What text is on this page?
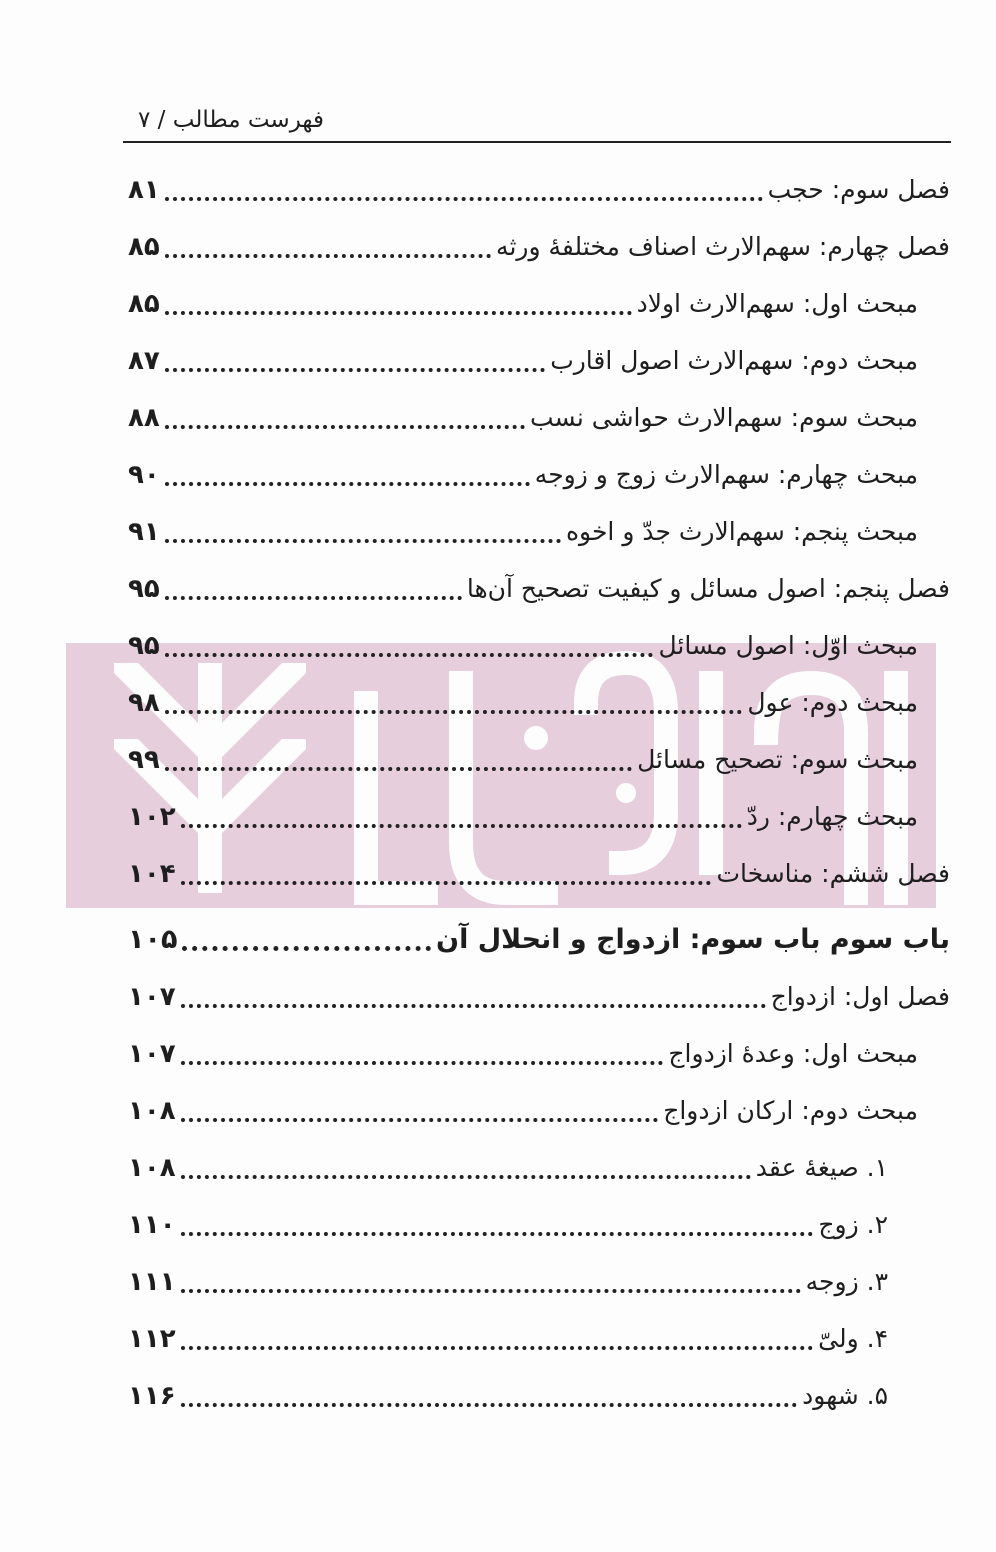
فهرست مطالب / ۷
فصل سوم: حجب
۸۱
فصل چهارم: سهم‌الارث اصناف مختلفهٔ ورثه
۸۵
مبحث اول: سهم‌الارث اولاد
۸۵
مبحث دوم: سهم‌الارث اصول اقارب
۸۷
مبحث سوم: سهم‌الارث حواشی نسب
۸۸
مبحث چهارم: سهم‌الارث زوج و زوجه
۹۰
مبحث پنجم: سهم‌الارث جدّ و اخوه
۹۱
فصل پنجم: اصول مسائل و کیفیت تصحیح آن‌ها
۹۵
مبحث اوّل: اصول مسائل
۹۵
مبحث دوم: عول
۹۸
مبحث سوم: تصحیح مسائل
۹۹
مبحث چهارم: ردّ
۱۰۲
فصل ششم: مناسخات
۱۰۴
باب سوم باب سوم: ازدواج و انحلال آن
۱۰۵
فصل اول: ازدواج
۱۰۷
مبحث اول: وعدهٔ ازدواج
۱۰۷
مبحث دوم: ارکان ازدواج
۱۰۸
۱. صیغهٔ عقد
۱۰۸
۲. زوج
۱۱۰
۳. زوجه
۱۱۱
۴. ولیّ
۱۱۲
۵. شهود
۱۱۶
